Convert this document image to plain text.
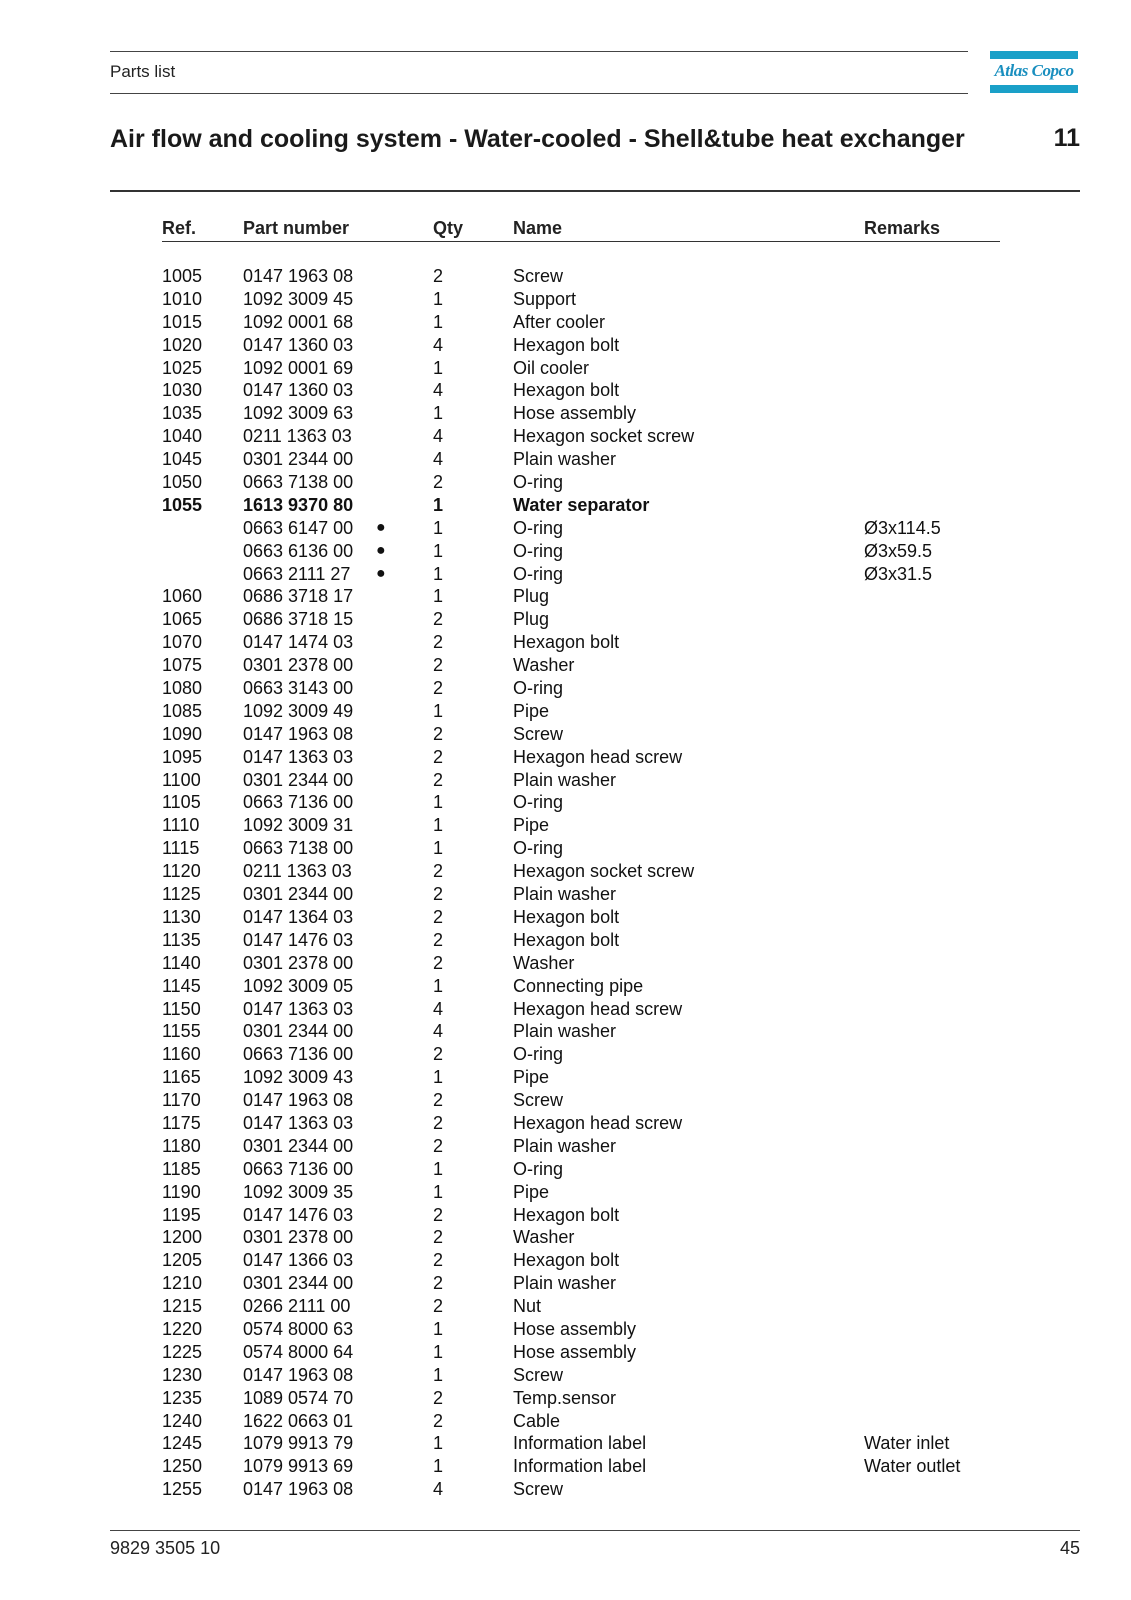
Parts list	Atlas Copco
Air flow and cooling system - Water-cooled - Shell&tube heat exchanger	11
Ref.	Part number	Qty	Name	Remarks
1005 0147 1963 08	2	Screw
1010 1092 3009 45	1	Support
1015 1092 0001 68	1	After cooler
1020 0147 1360 03	4	Hexagon bolt
1025 1092 0001 69	1	Oil cooler
1030 0147 1360 03	4	Hexagon bolt
1035 1092 3009 63	1	Hose assembly
1040 0211 1363 03	4	Hexagon socket screw
1045 0301 2344 00	4	Plain washer
1050 0663 7138 00	2	O-ring
1055 1613 9370 80	1	Water separator
0663 6147 00 ●	1	O-ring	Ø3x114.5
0663 6136 00 ●	1	O-ring	Ø3x59.5
0663 2111 27 ●	1	O-ring	Ø3x31.5
1060 0686 3718 17	1	Plug
1065 0686 3718 15	2	Plug
1070 0147 1474 03	2	Hexagon bolt
1075 0301 2378 00	2	Washer
1080 0663 3143 00	2	O-ring
1085 1092 3009 49	1	Pipe
1090 0147 1963 08	2	Screw
1095 0147 1363 03	2	Hexagon head screw
1100 0301 2344 00	2	Plain washer
1105 0663 7136 00	1	O-ring
1110 1092 3009 31	1	Pipe
1115 0663 7138 00	1	O-ring
1120 0211 1363 03	2	Hexagon socket screw
1125 0301 2344 00	2	Plain washer
1130 0147 1364 03	2	Hexagon bolt
1135 0147 1476 03	2	Hexagon bolt
1140 0301 2378 00	2	Washer
1145 1092 3009 05	1	Connecting pipe
1150 0147 1363 03	4	Hexagon head screw
1155 0301 2344 00	4	Plain washer
1160 0663 7136 00	2	O-ring
1165 1092 3009 43	1	Pipe
1170 0147 1963 08	2	Screw
1175 0147 1363 03	2	Hexagon head screw
1180 0301 2344 00	2	Plain washer
1185 0663 7136 00	1	O-ring
1190 1092 3009 35	1	Pipe
1195 0147 1476 03	2	Hexagon bolt
1200 0301 2378 00	2	Washer
1205 0147 1366 03	2	Hexagon bolt
1210 0301 2344 00	2	Plain washer
1215 0266 2111 00	2	Nut
1220 0574 8000 63	1	Hose assembly
1225 0574 8000 64	1	Hose assembly
1230 0147 1963 08	1	Screw
1235 1089 0574 70	2	Temp.sensor
1240 1622 0663 01	2	Cable
1245 1079 9913 79	1	Information label	Water inlet
1250 1079 9913 69	1	Information label	Water outlet
1255 0147 1963 08	4	Screw
9829 3505 10	45
